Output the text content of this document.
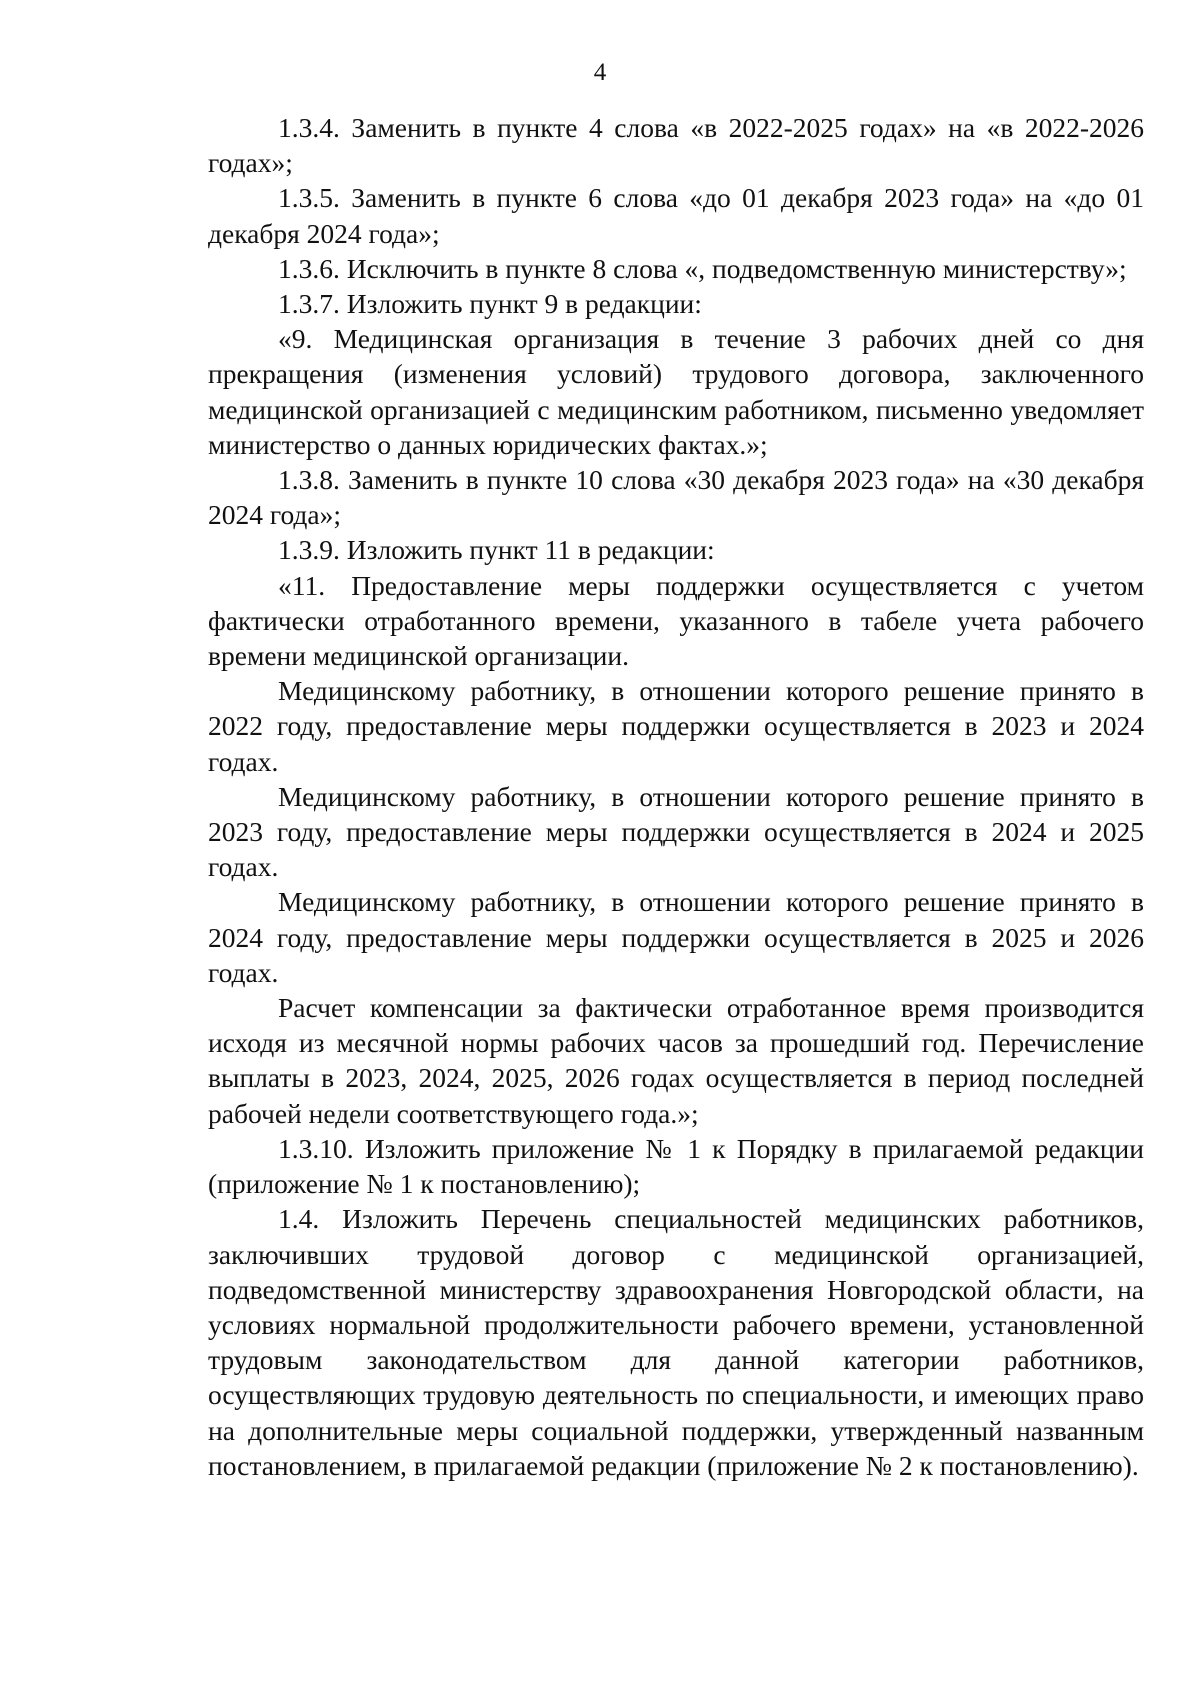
4

1.3.4. Заменить в пункте 4 слова «в 2022-2025 годах» на «в 2022-2026 годах»;

1.3.5. Заменить в пункте 6 слова «до 01 декабря 2023 года» на «до 01 декабря 2024 года»;

1.3.6. Исключить в пункте 8 слова «, подведомственную министерству»;

1.3.7. Изложить пункт 9 в редакции:

«9. Медицинская организация в течение 3 рабочих дней со дня прекращения (изменения условий) трудового договора, заключенного медицинской организацией с медицинским работником, письменно уведомляет министерство о данных юридических фактах.»;

1.3.8. Заменить в пункте 10 слова «30 декабря 2023 года» на «30 декабря 2024 года»;

1.3.9. Изложить пункт 11 в редакции:

«11. Предоставление меры поддержки осуществляется с учетом фактически отработанного времени, указанного в табеле учета рабочего времени медицинской организации.

Медицинскому работнику, в отношении которого решение принято в 2022 году, предоставление меры поддержки осуществляется в 2023 и 2024 годах.

Медицинскому работнику, в отношении которого решение принято в 2023 году, предоставление меры поддержки осуществляется в 2024 и 2025 годах.

Медицинскому работнику, в отношении которого решение принято в 2024 году, предоставление меры поддержки осуществляется в 2025 и 2026 годах.

Расчет компенсации за фактически отработанное время производится исходя из месячной нормы рабочих часов за прошедший год. Перечисление выплаты в 2023, 2024, 2025, 2026 годах осуществляется в период последней рабочей недели соответствующего года.»;

1.3.10. Изложить приложение № 1 к Порядку в прилагаемой редакции (приложение № 1 к постановлению);

1.4. Изложить Перечень специальностей медицинских работников, заключивших трудовой договор с медицинской организацией, подведомственной министерству здравоохранения Новгородской области, на условиях нормальной продолжительности рабочего времени, установленной трудовым законодательством для данной категории работников, осуществляющих трудовую деятельность по специальности, и имеющих право на дополнительные меры социальной поддержки, утвержденный названным постановлением, в прилагаемой редакции (приложение № 2 к постановлению).
